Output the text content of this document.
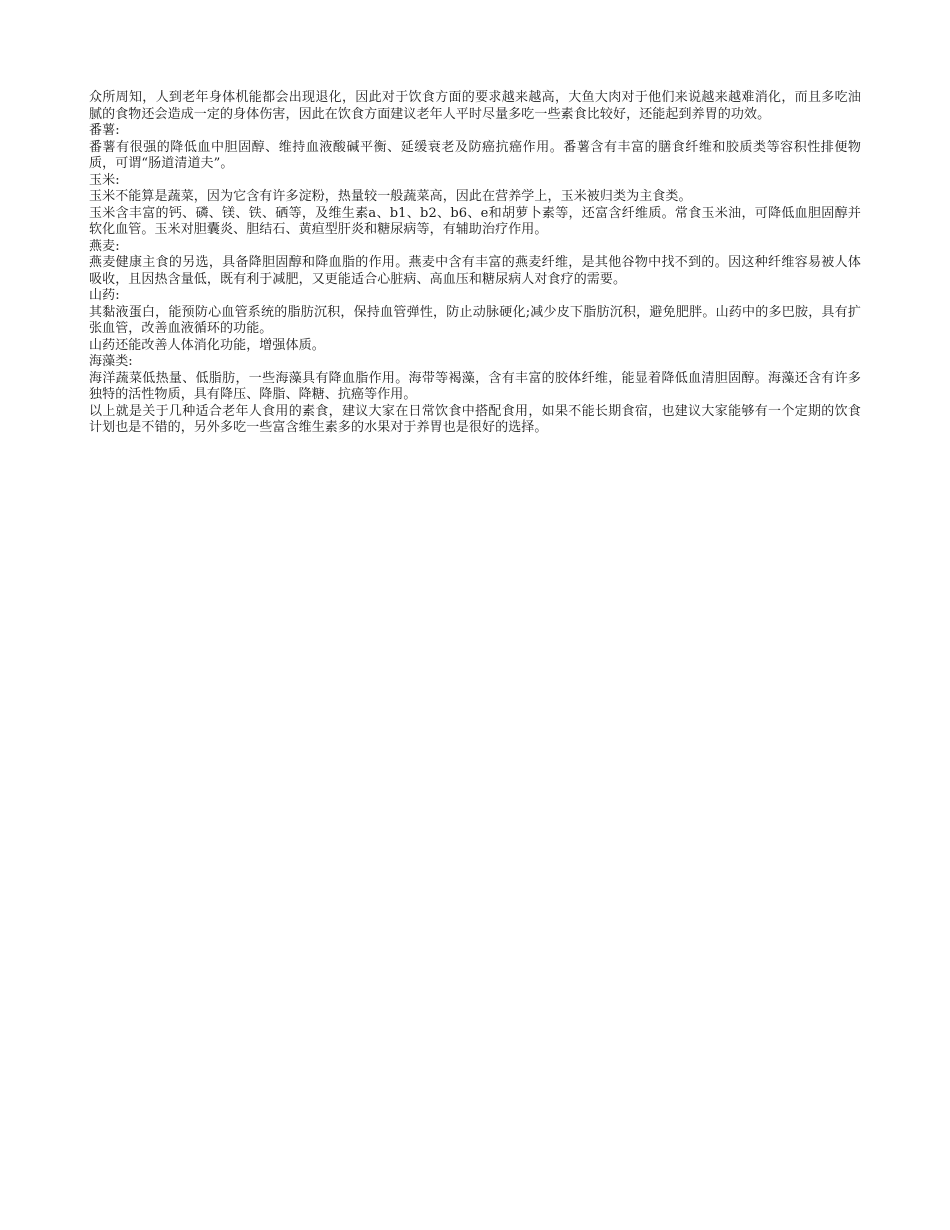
众所周知，人到老年身体机能都会出现退化，因此对于饮食方面的要求越来越高，大鱼大肉对于他们来说越来越难消化，而且多吃油腻的食物还会造成一定的身体伤害，因此在饮食方面建议老年人平时尽量多吃一些素食比较好，还能起到养胃的功效。

番薯:

番薯有很强的降低血中胆固醇、维持血液酸碱平衡、延缓衰老及防癌抗癌作用。番薯含有丰富的膳食纤维和胶质类等容积性排便物质，可谓“肠道清道夫”。

玉米:

玉米不能算是蔬菜，因为它含有许多淀粉，热量较一般蔬菜高，因此在营养学上，玉米被归类为主食类。

玉米含丰富的钙、磷、镁、铁、硒等，及维生素a、b1、b2、b6、e和胡萝卜素等，还富含纤维质。常食玉米油，可降低血胆固醇并软化血管。玉米对胆囊炎、胆结石、黄疸型肝炎和糖尿病等，有辅助治疗作用。

燕麦:

燕麦健康主食的另选，具备降胆固醇和降血脂的作用。燕麦中含有丰富的燕麦纤维，是其他谷物中找不到的。因这种纤维容易被人体吸收，且因热含量低，既有利于减肥，又更能适合心脏病、高血压和糖尿病人对食疗的需要。

山药:

其黏液蛋白，能预防心血管系统的脂肪沉积，保持血管弹性，防止动脉硬化;减少皮下脂肪沉积，避免肥胖。山药中的多巴胺，具有扩张血管，改善血液循环的功能。

山药还能改善人体消化功能，增强体质。

海藻类:

海洋蔬菜低热量、低脂肪，一些海藻具有降血脂作用。海带等褐藻，含有丰富的胶体纤维，能显着降低血清胆固醇。海藻还含有许多独特的活性物质，具有降压、降脂、降糖、抗癌等作用。

以上就是关于几种适合老年人食用的素食，建议大家在日常饮食中搭配食用，如果不能长期食宿，也建议大家能够有一个定期的饮食计划也是不错的，另外多吃一些富含维生素多的水果对于养胃也是很好的选择。
